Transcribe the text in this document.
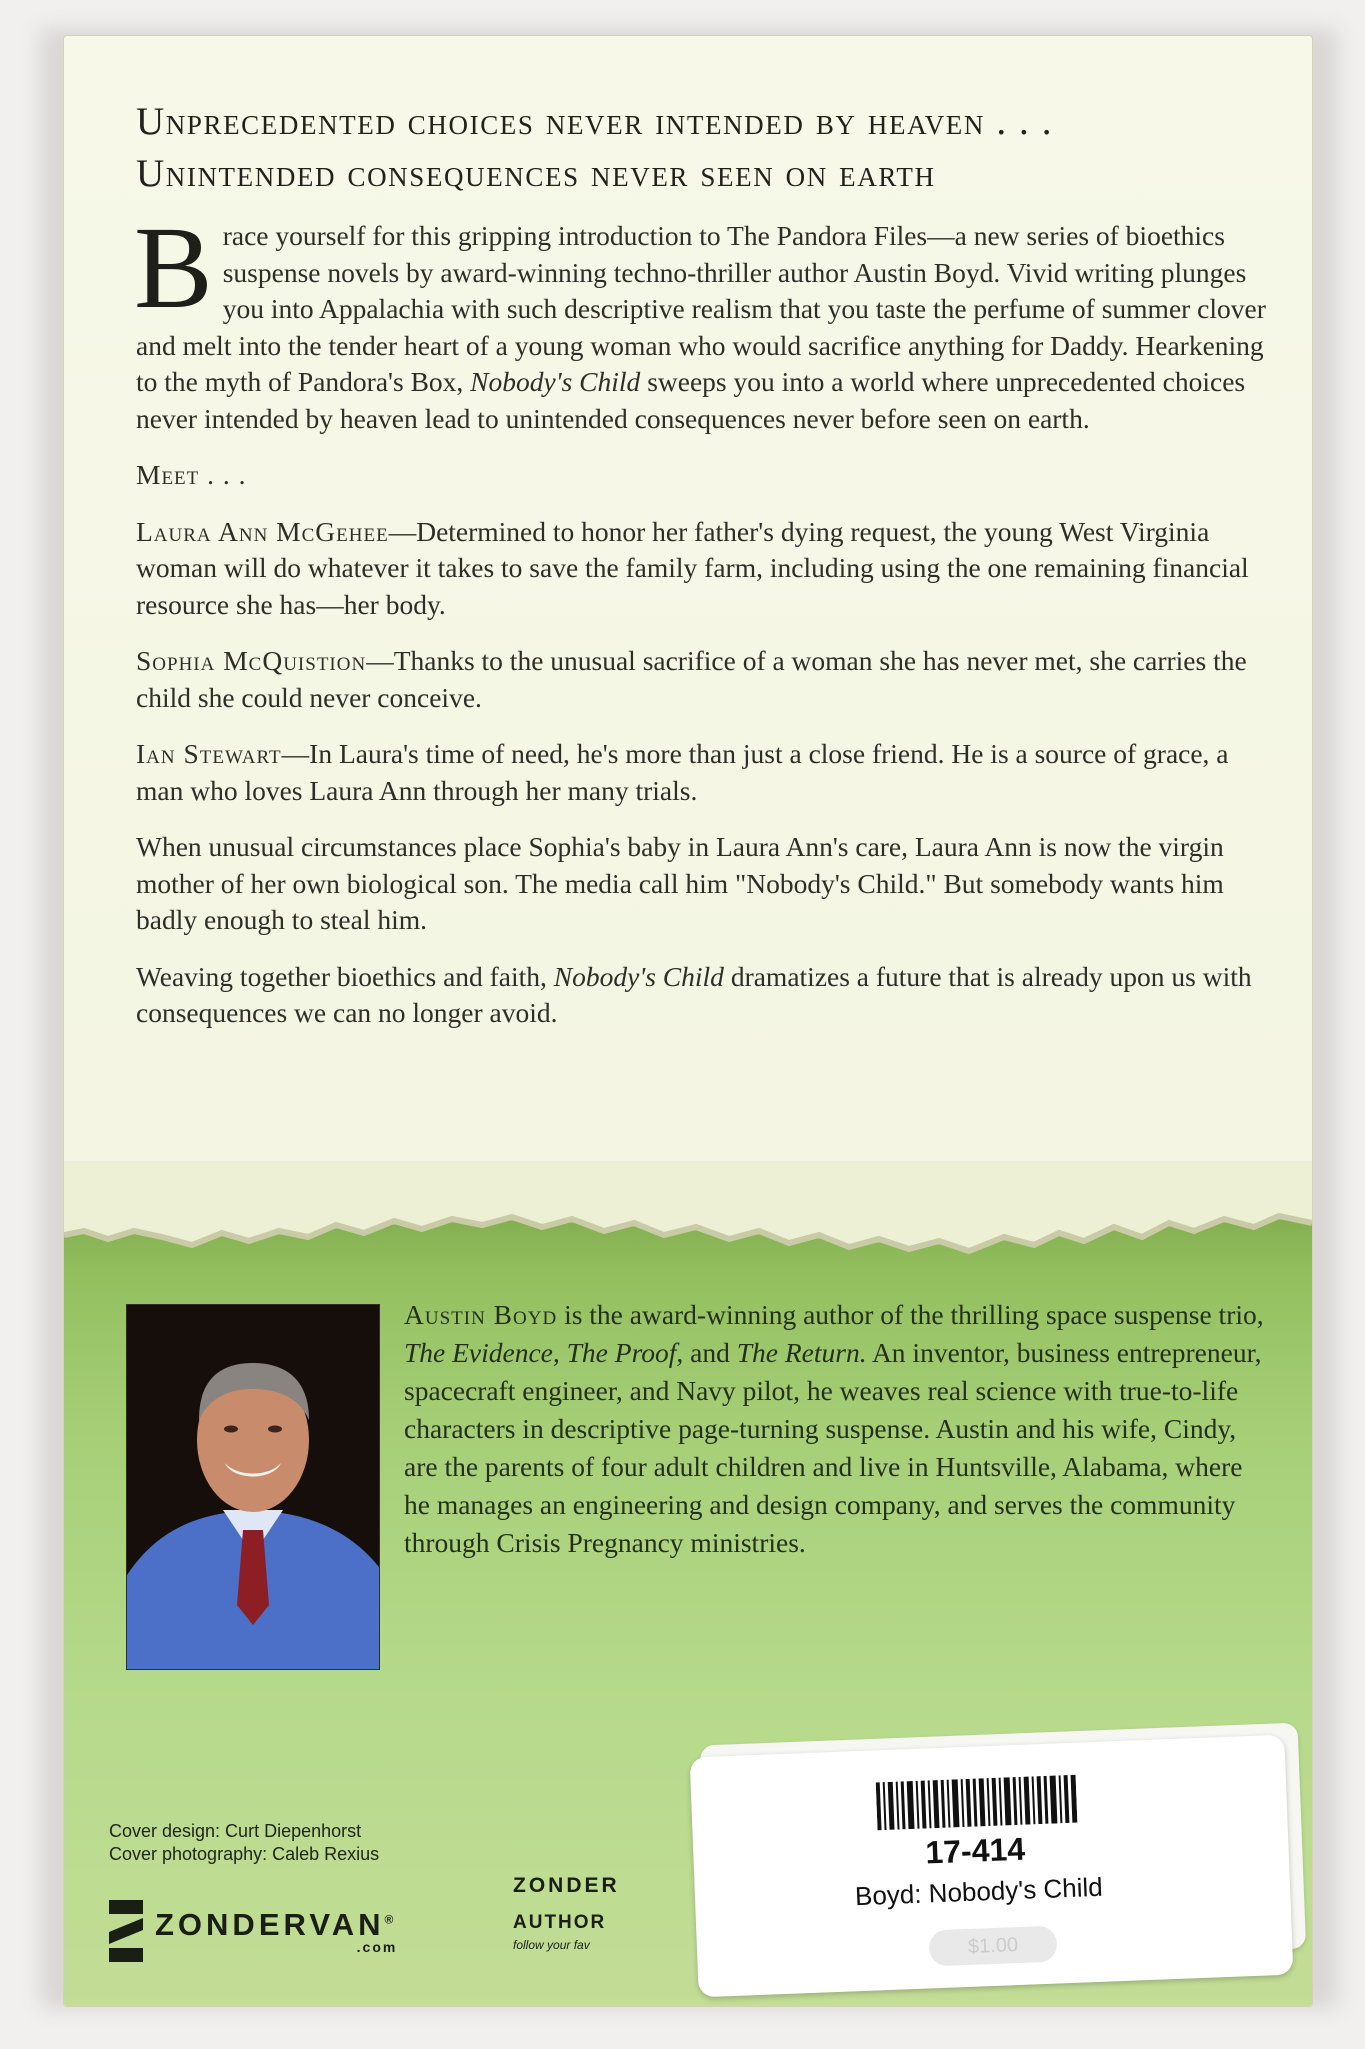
Unprecedented choices never intended by heaven . . .
Unintended consequences never seen on earth
Brace yourself for this gripping introduction to The Pandora Files—a new series of bioethics suspense novels by award-winning techno-thriller author Austin Boyd. Vivid writing plunges you into Appalachia with such descriptive realism that you taste the perfume of summer clover and melt into the tender heart of a young woman who would sacrifice anything for Daddy. Hearkening to the myth of Pandora's Box, Nobody's Child sweeps you into a world where unprecedented choices never intended by heaven lead to unintended consequences never before seen on earth.
Meet . . .
Laura Ann McGehee—Determined to honor her father's dying request, the young West Virginia woman will do whatever it takes to save the family farm, including using the one remaining financial resource she has—her body.
Sophia McQuistion—Thanks to the unusual sacrifice of a woman she has never met, she carries the child she could never conceive.
Ian Stewart—In Laura's time of need, he's more than just a close friend. He is a source of grace, a man who loves Laura Ann through her many trials.
When unusual circumstances place Sophia's baby in Laura Ann's care, Laura Ann is now the virgin mother of her own biological son. The media call him "Nobody's Child." But somebody wants him badly enough to steal him.
Weaving together bioethics and faith, Nobody's Child dramatizes a future that is already upon us with consequences we can no longer avoid.
Austin Boyd is the award-winning author of the thrilling space suspense trio, The Evidence, The Proof, and The Return. An inventor, business entrepreneur, spacecraft engineer, and Navy pilot, he weaves real science with true-to-life characters in descriptive page-turning suspense. Austin and his wife, Cindy, are the parents of four adult children and live in Huntsville, Alabama, where he manages an engineering and design company, and serves the community through Crisis Pregnancy ministries.
Cover design: Curt Diepenhorst
Cover photography: Caleb Rexius
ZONDERVAN®
.com
ZONDER
AUTHOR
follow your fav
17-414
Boyd: Nobody's Child
$1.00
